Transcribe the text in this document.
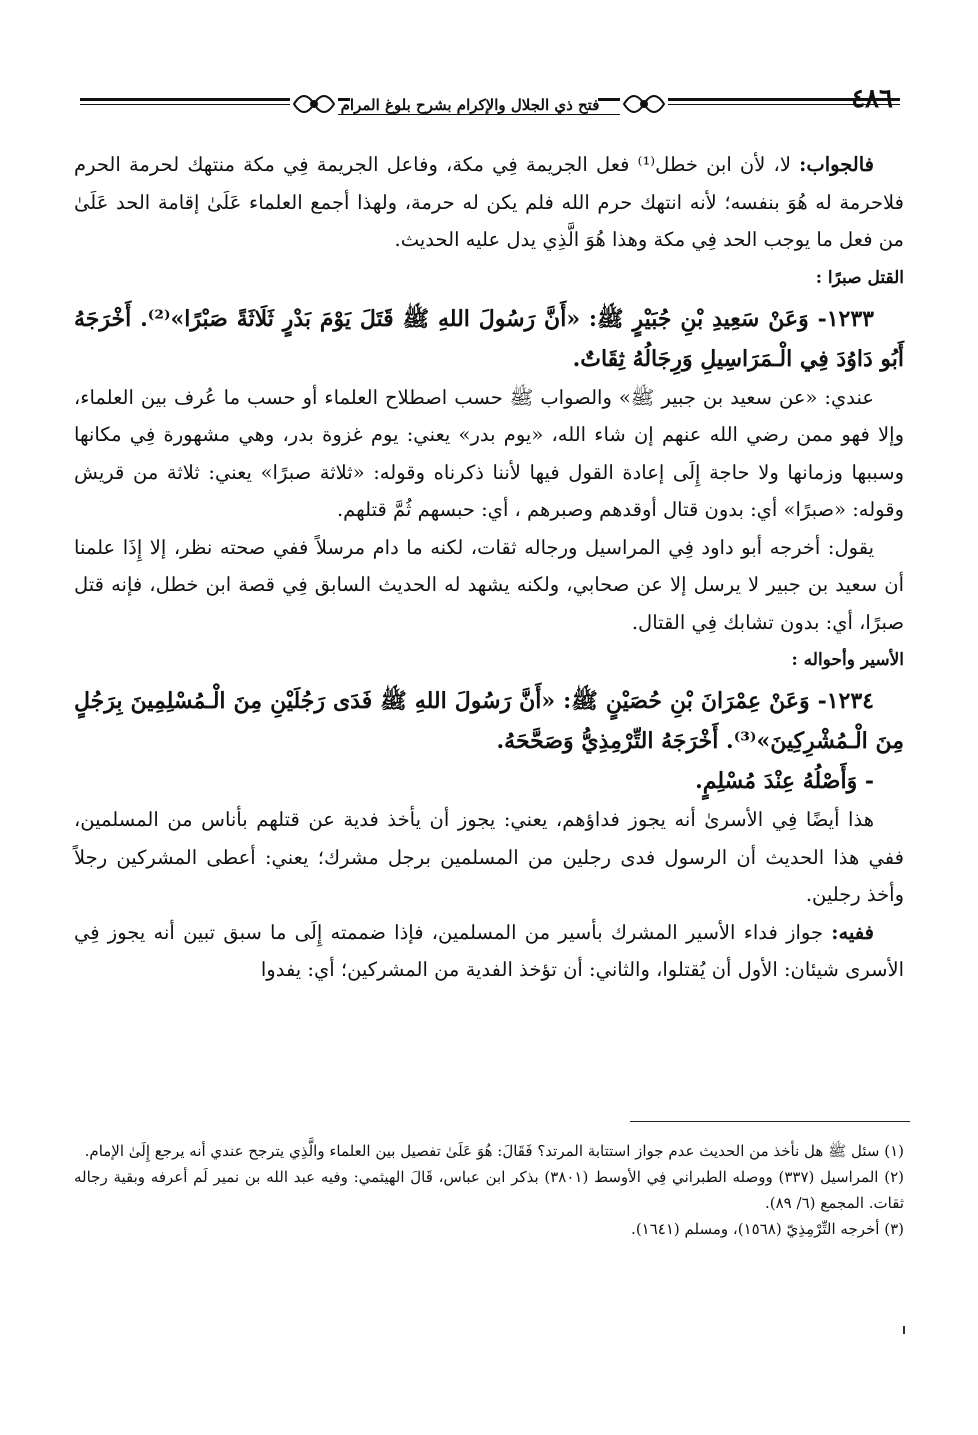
٤٨٦
فتح ذي الجلال والإكرام بشرح بلوغ المرام

فالجواب: لا، لأن ابن خطل⁽¹⁾ فعل الجريمة فِي مكة، وفاعل الجريمة فِي مكة منتهك لحرمة الحرم فلاحرمة له هُوَ بنفسه؛ لأنه انتهك حرم الله فلم يكن له حرمة، ولهذا أجمع العلماء عَلَىٰ إقامة الحد عَلَىٰ من فعل ما يوجب الحد فِي مكة وهذا هُوَ الَّذِي يدل عليه الحديث.

القتل صبرًا :

١٢٣٣- وَعَنْ سَعِيدِ بْنِ جُبَيْرٍ ﷺ: «أَنَّ رَسُولَ اللهِ ﷺ قَتَلَ يَوْمَ بَدْرٍ ثَلَاثَةً صَبْرًا»⁽²⁾. أَخْرَجَهُ أَبُو دَاوُدَ فِي الْـمَرَاسِيلِ وَرِجَالُهُ ثِقَاتٌ.

عندي: «عن سعيد بن جبير ﷺ» والصواب ﷺ حسب اصطلاح العلماء أو حسب ما عُرف بين العلماء، وإلا فهو ممن رضي الله عنهم إن شاء الله، «يوم بدر» يعني: يوم غزوة بدر، وهي مشهورة فِي مكانها وسببها وزمانها ولا حاجة إِلَى إعادة القول فيها لأننا ذكرناه وقوله: «ثلاثة صبرًا» يعني: ثلاثة من قريش وقوله: «صبرًا» أي: بدون قتال أوقدهم وصبرهم ، أي: حبسهم ثُمَّ قتلهم.

يقول: أخرجه أبو داود فِي المراسيل ورجاله ثقات، لكنه ما دام مرسلاً ففي صحته نظر، إلا إِذَا علمنا أن سعيد بن جبير لا يرسل إلا عن صحابي، ولكنه يشهد له الحديث السابق فِي قصة ابن خطل، فإنه قتل صبرًا، أي: بدون تشابك فِي القتال.

الأسير وأحواله :

١٢٣٤- وَعَنْ عِمْرَانَ بْنِ حُصَيْنٍ ﷺ: «أَنَّ رَسُولَ اللهِ ﷺ فَدَى رَجُلَيْنِ مِنَ الْـمُسْلِمِينَ بِرَجُلٍ مِنَ الْـمُشْرِكِينَ»⁽³⁾. أَخْرَجَهُ التِّرْمِذِيُّ وَصَحَّحَهُ.

- وَأَصْلُهُ عِنْدَ مُسْلِمٍ.

هذا أيضًا فِي الأسرىٰ أنه يجوز فداؤهم، يعني: يجوز أن يأخذ فدية عن قتلهم بأناس من المسلمين، ففي هذا الحديث أن الرسول فدى رجلين من المسلمين برجل مشرك؛ يعني: أعطى المشركين رجلاً وأخذ رجلين.

ففيه: جواز فداء الأسير المشرك بأسير من المسلمين، فإذا ضممته إِلَى ما سبق تبين أنه يجوز فِي الأسرى شيئان: الأول أن يُقتلوا، والثاني: أن تؤخذ الفدية من المشركين؛ أي: يفدوا

(١) سئل ﷺ هل نأخذ من الحديث عدم جواز استتابة المرتد؟ فَقَالَ: هُوَ عَلَىٰ تفصيل بين العلماء والَّذِي يترجح عندي أنه يرجع إِلَىٰ الإمام.

(٢) المراسيل (٣٣٧) ووصله الطبراني فِي الأوسط (٣٨٠١) بذكر ابن عباس، قَالَ الهيثمي: وفيه عبد الله بن نمير لَم أعرفه وبقية رجاله ثقات. المجمع (٦/ ٨٩).

(٣) أخرجه التِّرْمِذِيّ (١٥٦٨)، ومسلم (١٦٤١).
